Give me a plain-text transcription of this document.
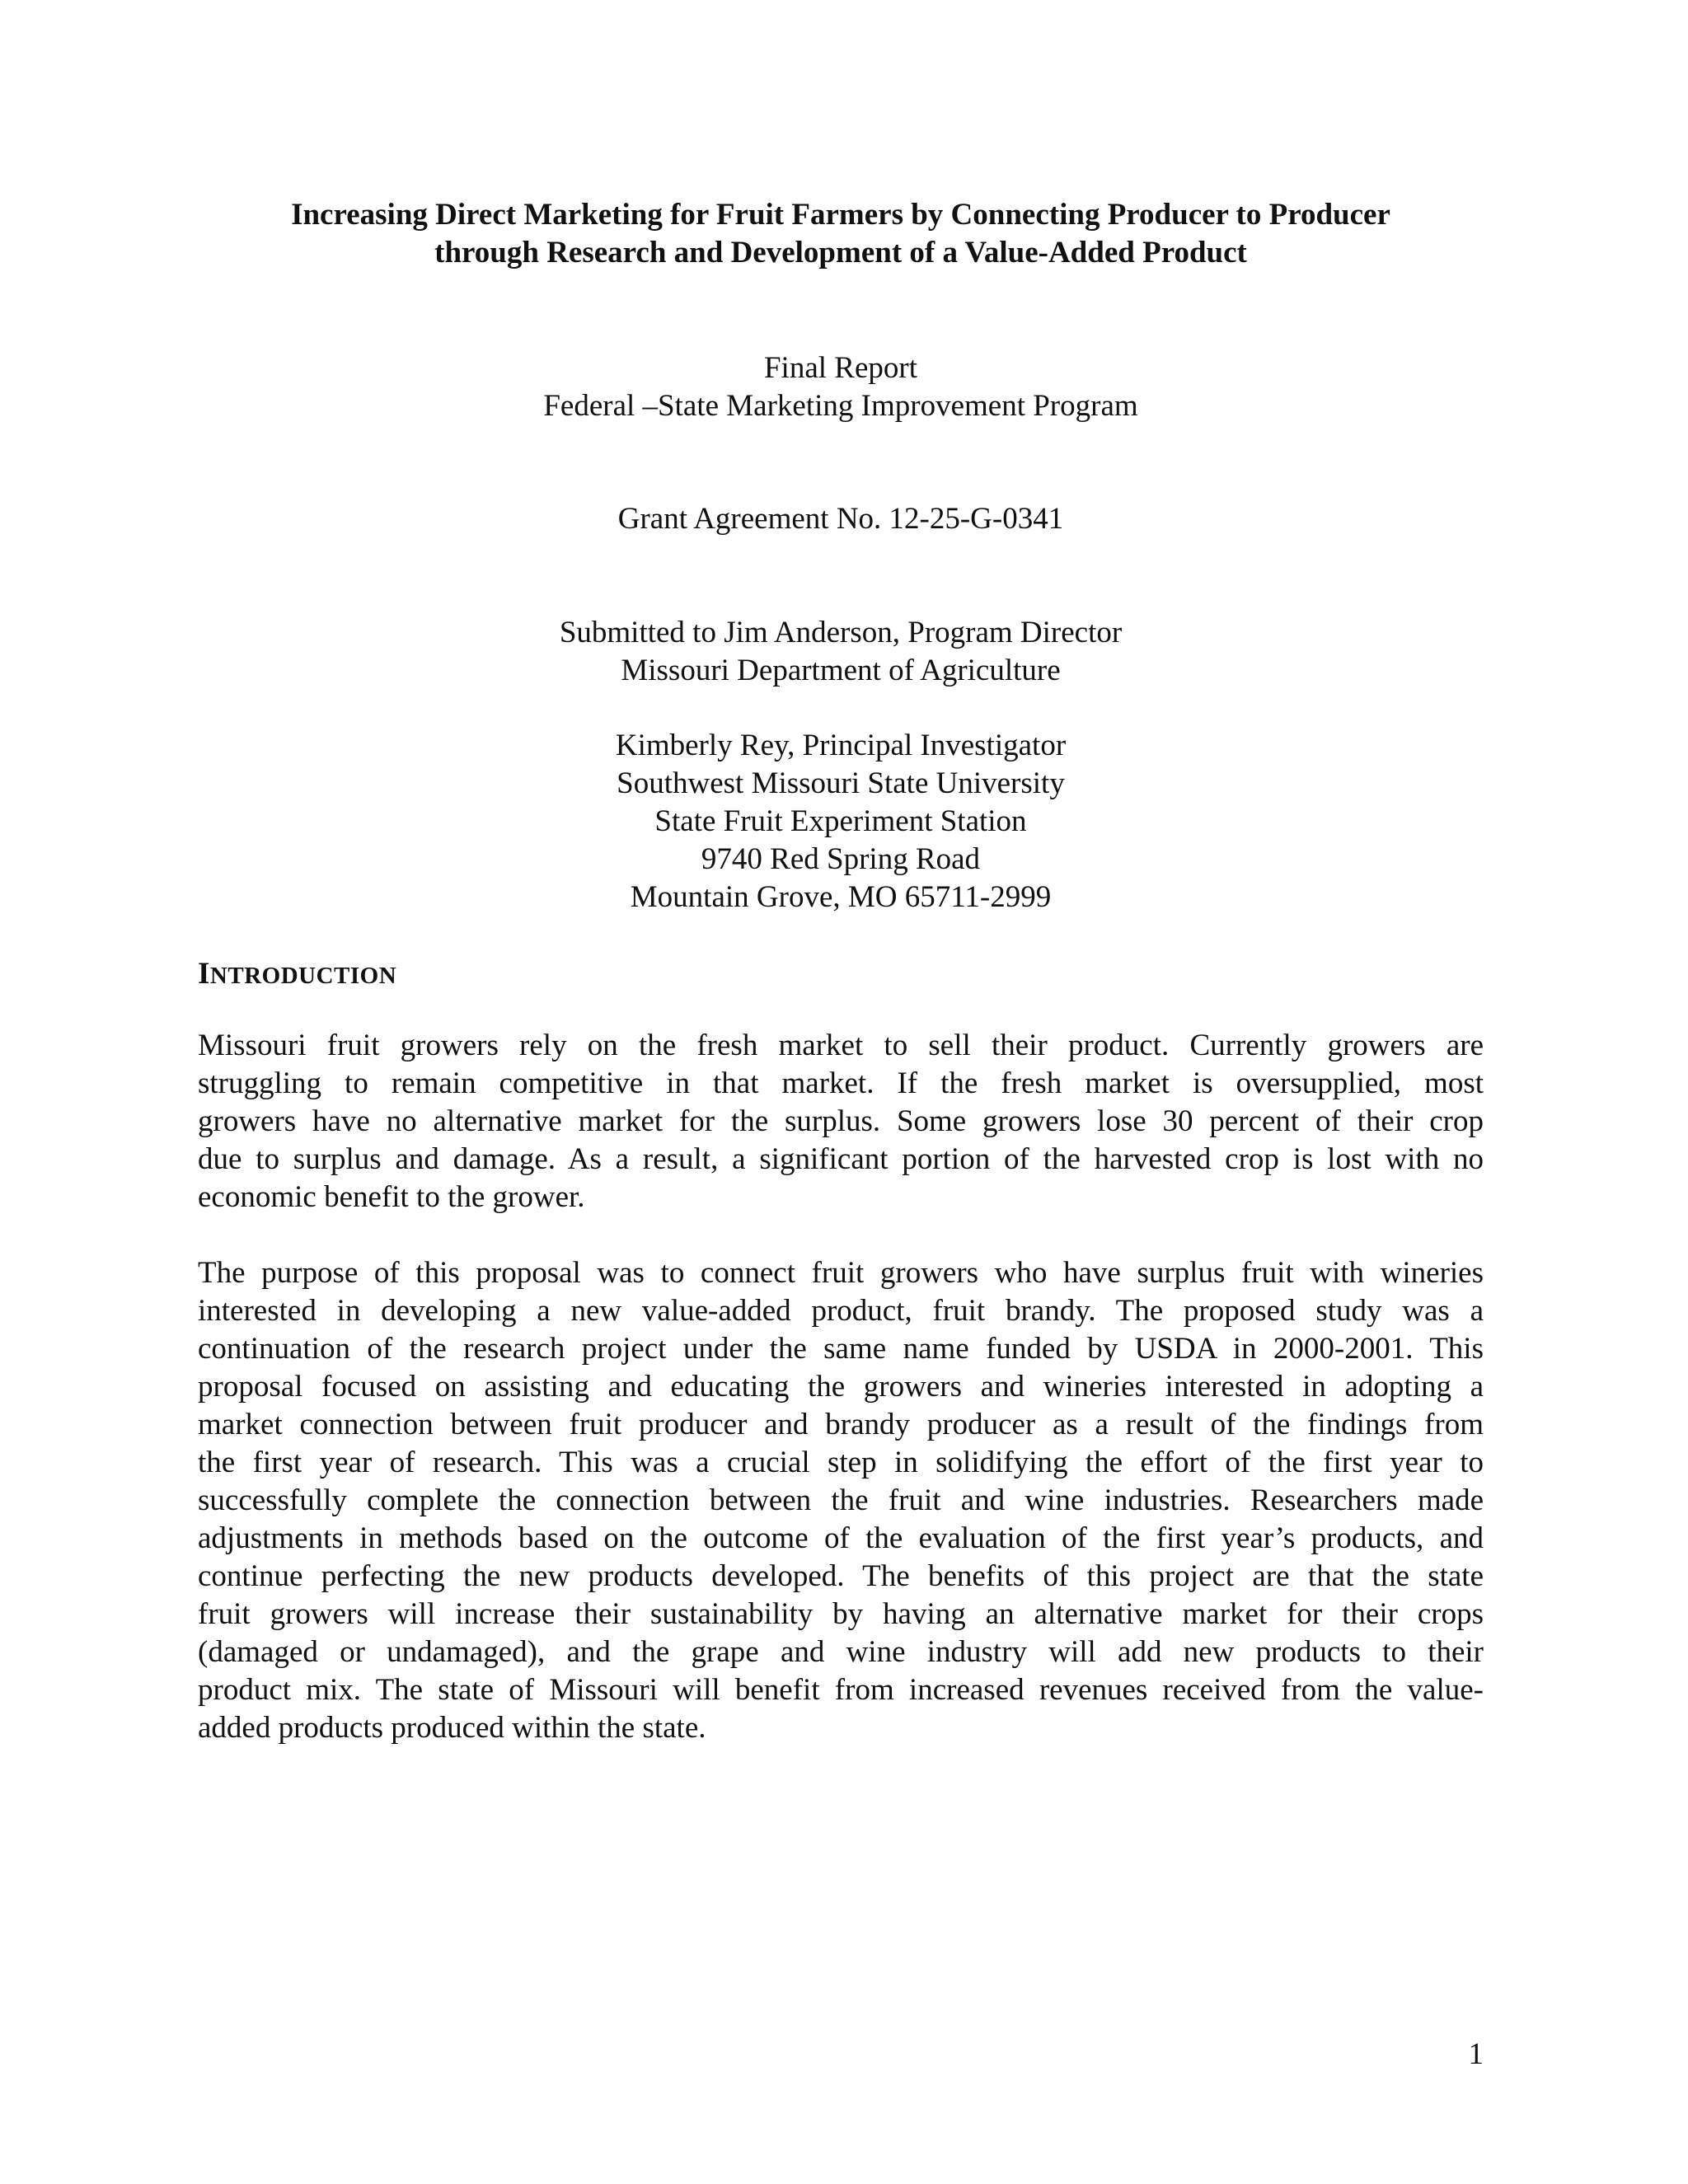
Increasing Direct Marketing for Fruit Farmers by Connecting Producer to Producer
through Research and Development of a Value-Added Product
Final Report
Federal –State Marketing Improvement Program
Grant Agreement No. 12-25-G-0341
Submitted to Jim Anderson, Program Director
Missouri Department of Agriculture
Kimberly Rey, Principal Investigator
Southwest Missouri State University
State Fruit Experiment Station
9740 Red Spring Road
Mountain Grove, MO 65711-2999
INTRODUCTION
Missouri fruit growers rely on the fresh market to sell their product. Currently growers are
struggling to remain competitive in that market. If the fresh market is oversupplied, most
growers have no alternative market for the surplus. Some growers lose 30 percent of their crop
due to surplus and damage. As a result, a significant portion of the harvested crop is lost with no
economic benefit to the grower.
The purpose of this proposal was to connect fruit growers who have surplus fruit with wineries
interested in developing a new value-added product, fruit brandy. The proposed study was a
continuation of the research project under the same name funded by USDA in 2000-2001. This
proposal focused on assisting and educating the growers and wineries interested in adopting a
market connection between fruit producer and brandy producer as a result of the findings from
the first year of research. This was a crucial step in solidifying the effort of the first year to
successfully complete the connection between the fruit and wine industries. Researchers made
adjustments in methods based on the outcome of the evaluation of the first year’s products, and
continue perfecting the new products developed. The benefits of this project are that the state
fruit growers will increase their sustainability by having an alternative market for their crops
(damaged or undamaged), and the grape and wine industry will add new products to their
product mix. The state of Missouri will benefit from increased revenues received from the value-
added products produced within the state.
1
